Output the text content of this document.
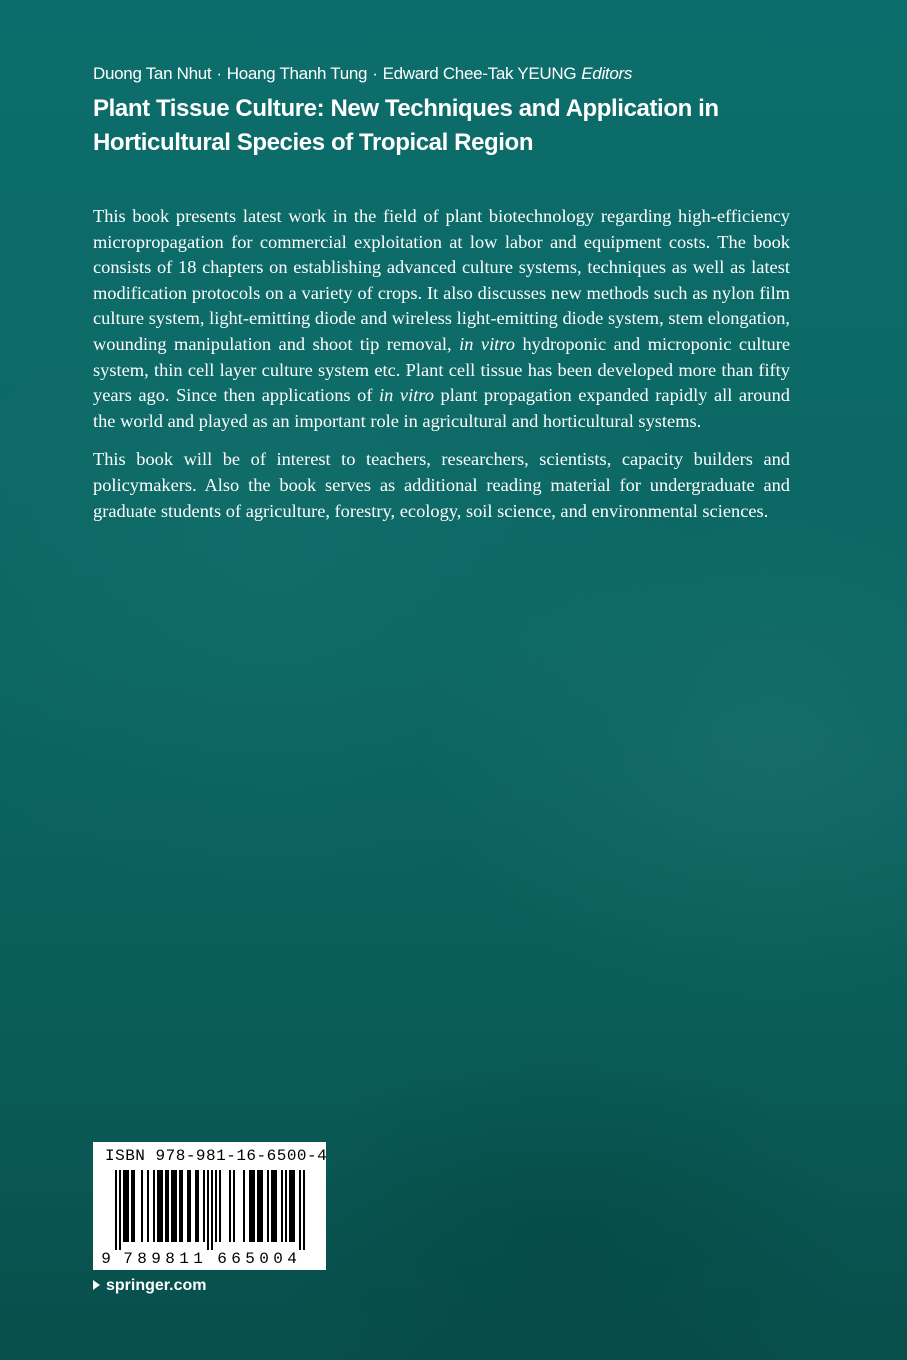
Duong Tan Nhut · Hoang Thanh Tung · Edward Chee-Tak YEUNG Editors
Plant Tissue Culture: New Techniques and Application in
Horticultural Species of Tropical Region

This book presents latest work in the field of plant biotechnology regarding high-efficiency micropropagation for commercial exploitation at low labor and equipment costs. The book consists of 18 chapters on establishing advanced culture systems, techniques as well as latest modification protocols on a variety of crops. It also discusses new methods such as nylon film culture system, light-emitting diode and wireless light-emitting diode system, stem elongation, wounding manipulation and shoot tip removal, in vitro hydroponic and microponic culture system, thin cell layer culture system etc. Plant cell tissue has been developed more than fifty years ago. Since then applications of in vitro plant propagation expanded rapidly all around the world and played as an important role in agricultural and horticultural systems.

This book will be of interest to teachers, researchers, scientists, capacity builders and policymakers. Also the book serves as additional reading material for undergraduate and graduate students of agriculture, forestry, ecology, soil science, and environmental sciences.

ISBN 978-981-16-6500-4
9 7 8 9 8 1 1 6 6 5 0 0 4
springer.com
